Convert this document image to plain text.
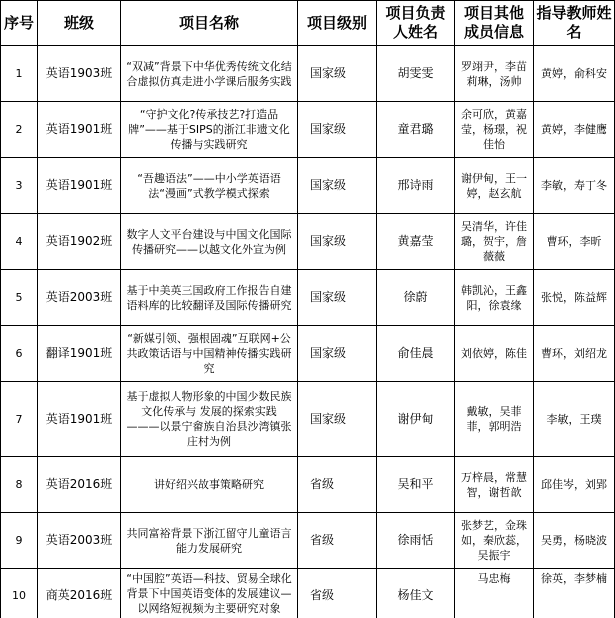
序号	班级	项目名称	项目级别	项目负责人姓名	项目其他成员信息	指导教师姓名
1	英语1903班	“双减”背景下中华优秀传统文化结合虚拟仿真走进小学课后服务实践	国家级	胡雯雯	罗翊尹，李苗莉琳，汤帅	黄婷，俞科安
2	英语1901班	“守护文化?传承技艺?打造品牌”——基于SIPS的浙江非遗文化传播与实践研究	国家级	童君璐	余可欣，黄嘉莹，杨璟，祝佳怡	黄婷，李健鹰
3	英语1901班	“吾趣语法”——中小学英语语法“漫画”式教学模式探索	国家级	邢诗雨	谢伊甸，王一婷，赵玄航	李敏，寿丁冬
4	英语1902班	数字人文平台建设与中国文化国际传播研究——以越文化外宣为例	国家级	黄嘉莹	吴清华，许佳璐，贺宇，詹薇薇	曹环，李昕
5	英语2003班	基于中美英三国政府工作报告自建语料库的比较翻译及国际传播研究	国家级	徐蔚	韩凯沁，王鑫阳，徐袁缘	张悦，陈益辉
6	翻译1901班	“新媒引领、强根固魂”互联网+公共政策话语与中国精神传播实践研究	国家级	俞佳晨	刘依婷，陈佳	曹环，刘绍龙
7	英语1901班	基于虚拟人物形象的中国少数民族文化传承与 发展的探索实践———以景宁畲族自治县沙湾镇张庄村为例	国家级	谢伊甸	戴敏，吴菲菲，郭明浩	李敏，王璞
8	英语2016班	讲好绍兴故事策略研究	省级	吴和平	万梓晨，常慧智，谢哲歆	邱佳岑，刘郢
9	英语2003班	共同富裕背景下浙江留守儿童语言能力发展研究	省级	徐雨恬	张梦艺，金珠如，秦欣蕊，吴振宇	吴勇，杨晓波
10	商英2016班	“中国腔”英语—科技、贸易全球化背景下中国英语变体的发展建议—以网络短视频为主要研究对象	省级	杨佳文	马忠梅	徐英，李梦楠
